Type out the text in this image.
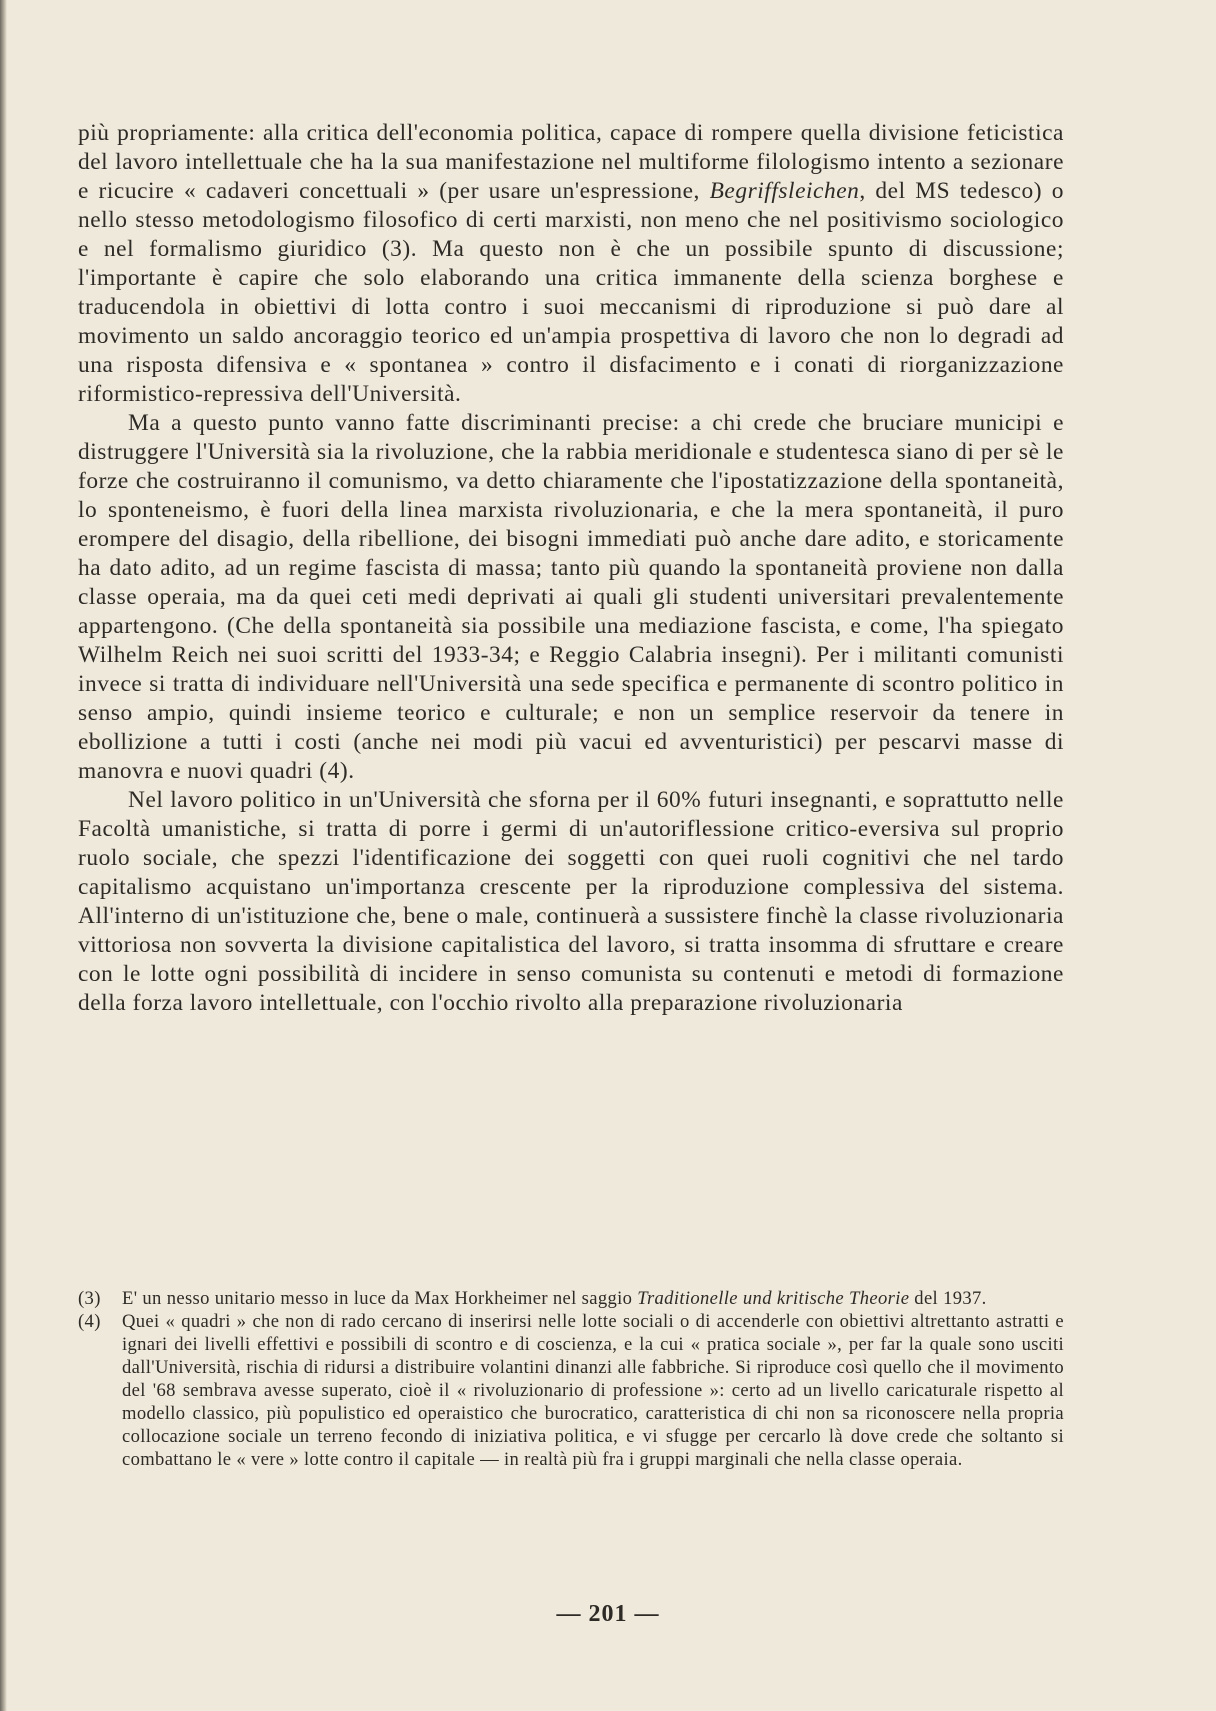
più propriamente: alla critica dell'economia politica, capace di rompere quella divisione feticistica del lavoro intellettuale che ha la sua manifestazione nel multiforme filologismo intento a sezionare e ricucire « cadaveri concettuali » (per usare un'espressione, Begriffsleichen, del MS tedesco) o nello stesso metodologismo filosofico di certi marxisti, non meno che nel positivismo sociologico e nel formalismo giuridico (3). Ma questo non è che un possibile spunto di discussione; l'importante è capire che solo elaborando una critica immanente della scienza borghese e traducendola in obiettivi di lotta contro i suoi meccanismi di riproduzione si può dare al movimento un saldo ancoraggio teorico ed un'ampia prospettiva di lavoro che non lo degradi ad una risposta difensiva e « spontanea » contro il disfacimento e i conati di riorganizzazione riformistico-repressiva dell'Università.

Ma a questo punto vanno fatte discriminanti precise: a chi crede che bruciare municipi e distruggere l'Università sia la rivoluzione, che la rabbia meridionale e studentesca siano di per sè le forze che costruiranno il comunismo, va detto chiaramente che l'ipostatizzazione della spontaneità, lo sponteneismo, è fuori della linea marxista rivoluzionaria, e che la mera spontaneità, il puro erompere del disagio, della ribellione, dei bisogni immediati può anche dare adito, e storicamente ha dato adito, ad un regime fascista di massa; tanto più quando la spontaneità proviene non dalla classe operaia, ma da quei ceti medi deprivati ai quali gli studenti universitari prevalentemente appartengono. (Che della spontaneità sia possibile una mediazione fascista, e come, l'ha spiegato Wilhelm Reich nei suoi scritti del 1933-34; e Reggio Calabria insegni). Per i militanti comunisti invece si tratta di individuare nell'Università una sede specifica e permanente di scontro politico in senso ampio, quindi insieme teorico e culturale; e non un semplice reservoir da tenere in ebollizione a tutti i costi (anche nei modi più vacui ed avventuristici) per pescarvi masse di manovra e nuovi quadri (4).

Nel lavoro politico in un'Università che sforna per il 60% futuri insegnanti, e soprattutto nelle Facoltà umanistiche, si tratta di porre i germi di un'autoriflessione critico-eversiva sul proprio ruolo sociale, che spezzi l'identificazione dei soggetti con quei ruoli cognitivi che nel tardo capitalismo acquistano un'importanza crescente per la riproduzione complessiva del sistema. All'interno di un'istituzione che, bene o male, continuerà a sussistere finchè la classe rivoluzionaria vittoriosa non sovverta la divisione capitalistica del lavoro, si tratta insomma di sfruttare e creare con le lotte ogni possibilità di incidere in senso comunista su contenuti e metodi di formazione della forza lavoro intellettuale, con l'occhio rivolto alla preparazione rivoluzionaria

(3)	E' un nesso unitario messo in luce da Max Horkheimer nel saggio Traditionelle und kritische Theorie del 1937.
(4)	Quei « quadri » che non di rado cercano di inserirsi nelle lotte sociali o di accenderle con obiettivi altrettanto astratti e ignari dei livelli effettivi e possibili di scontro e di coscienza, e la cui « pratica sociale », per far la quale sono usciti dall'Università, rischia di ridursi a distribuire volantini dinanzi alle fabbriche. Si riproduce così quello che il movimento del '68 sembrava avesse superato, cioè il « rivoluzionario di professione »: certo ad un livello caricaturale rispetto al modello classico, più populistico ed operaistico che burocratico, caratteristica di chi non sa riconoscere nella propria collocazione sociale un terreno fecondo di iniziativa politica, e vi sfugge per cercarlo là dove crede che soltanto si combattano le « vere » lotte contro il capitale — in realtà più fra i gruppi marginali che nella classe operaia.
— 201 —
